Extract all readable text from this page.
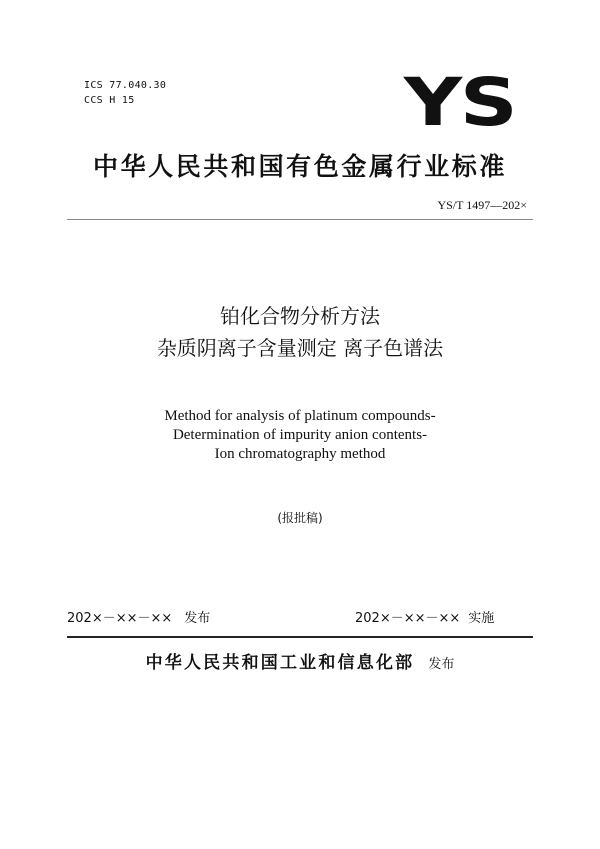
ICS 77.040.30
CCS H 15	YS
中华人民共和国有色金属行业标准
YS/T 1497—202×
铂化合物分析方法
杂质阴离子含量测定 离子色谱法
Method for analysis of platinum compounds-
Determination of impurity anion contents-
Ion chromatography method
(报批稿)
202×－××－×× 发布	202×－××－×× 实施
中华人民共和国工业和信息化部 发布
